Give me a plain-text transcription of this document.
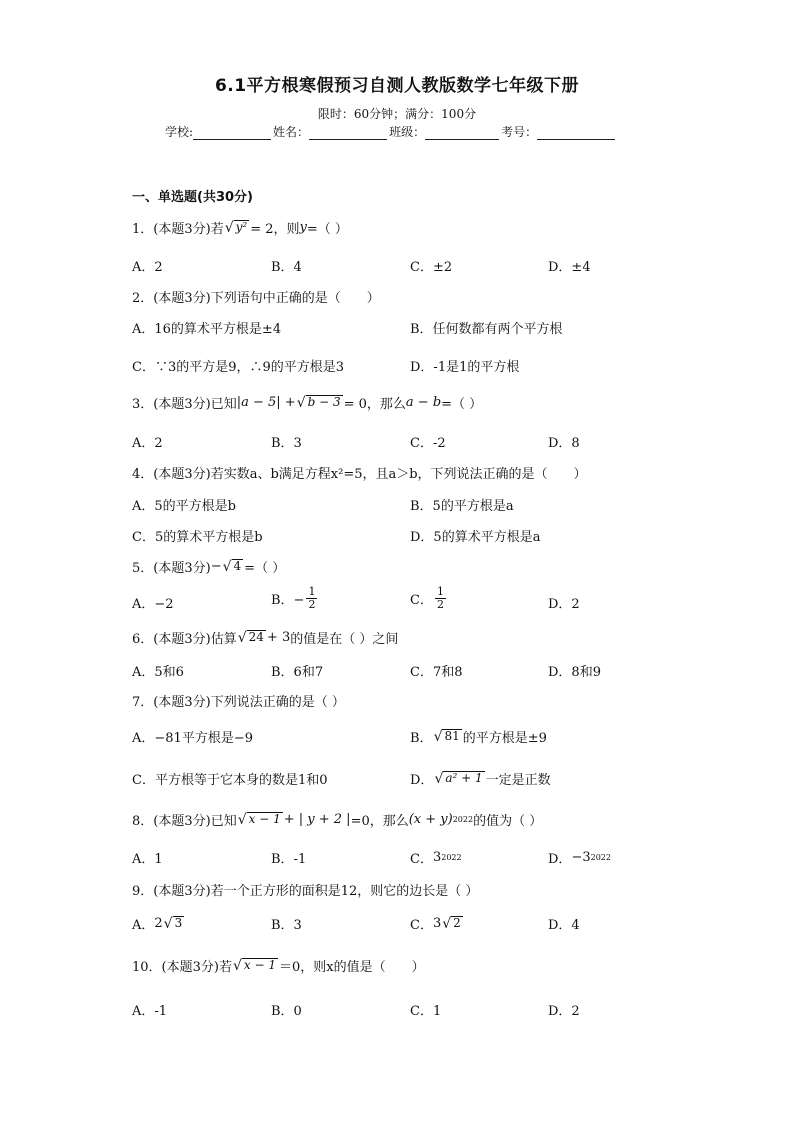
6.1平方根寒假预习自测人教版数学七年级下册
限时：60分钟；满分：100分
学校:	姓名：	班级：	考号：
一、单选题(共30分)
1． (本题3分) 若 √ y² = 2，则 y =（ ）
A．2	B．4	C．±2	D．±4
2． (本题3分) 下列语句中正确的是（　　）
A．16的算术平方根是±4	B．任何数都有两个平方根
C．∵3的平方是9，∴9的平方根是3	D．-1是1的平方根
3． (本题3分) 已知 |a − 5| + √ b − 3 = 0，那么 a − b =（ ）
A．2	B．3	C．-2	D．8
4． (本题3分) 若实数a、b满足方程x²=5，且a＞b，下列说法正确的是（　　）
A．5的平方根是b	B．5的平方根是a
C．5的算术平方根是b	D．5的算术平方根是a
5． (本题3分) − √ 4 =（ ）
A．−2	B．− $\frac{1}{2}$	C． $\frac{1}{2}$	D．2
6． (本题3分) 估算 √ 24 + 3 的值是在（ ）之间
A．5和6	B．6和7	C．7和8	D．8和9
7． (本题3分) 下列说法正确的是（ ）
A．−81平方根是−9	B． √ 81 的平方根是±9
C．平方根等于它本身的数是1和0	D． √ a² + 1 一定是正数
8． (本题3分) 已知 √ x − 1 + | y + 2 | =0，那么 (x + y) 2022 的值为（ ）
A．1	B．-1	C． 3 2022	D． −3 2022
9． (本题3分) 若一个正方形的面积是12，则它的边长是（ ）
A． 2 √ 3	B．3	C． 3 √ 2	D．4
10． (本题3分) 若 √ x − 1 ＝0，则x的值是（　　）
A．-1	B．0	C．1	D．2
